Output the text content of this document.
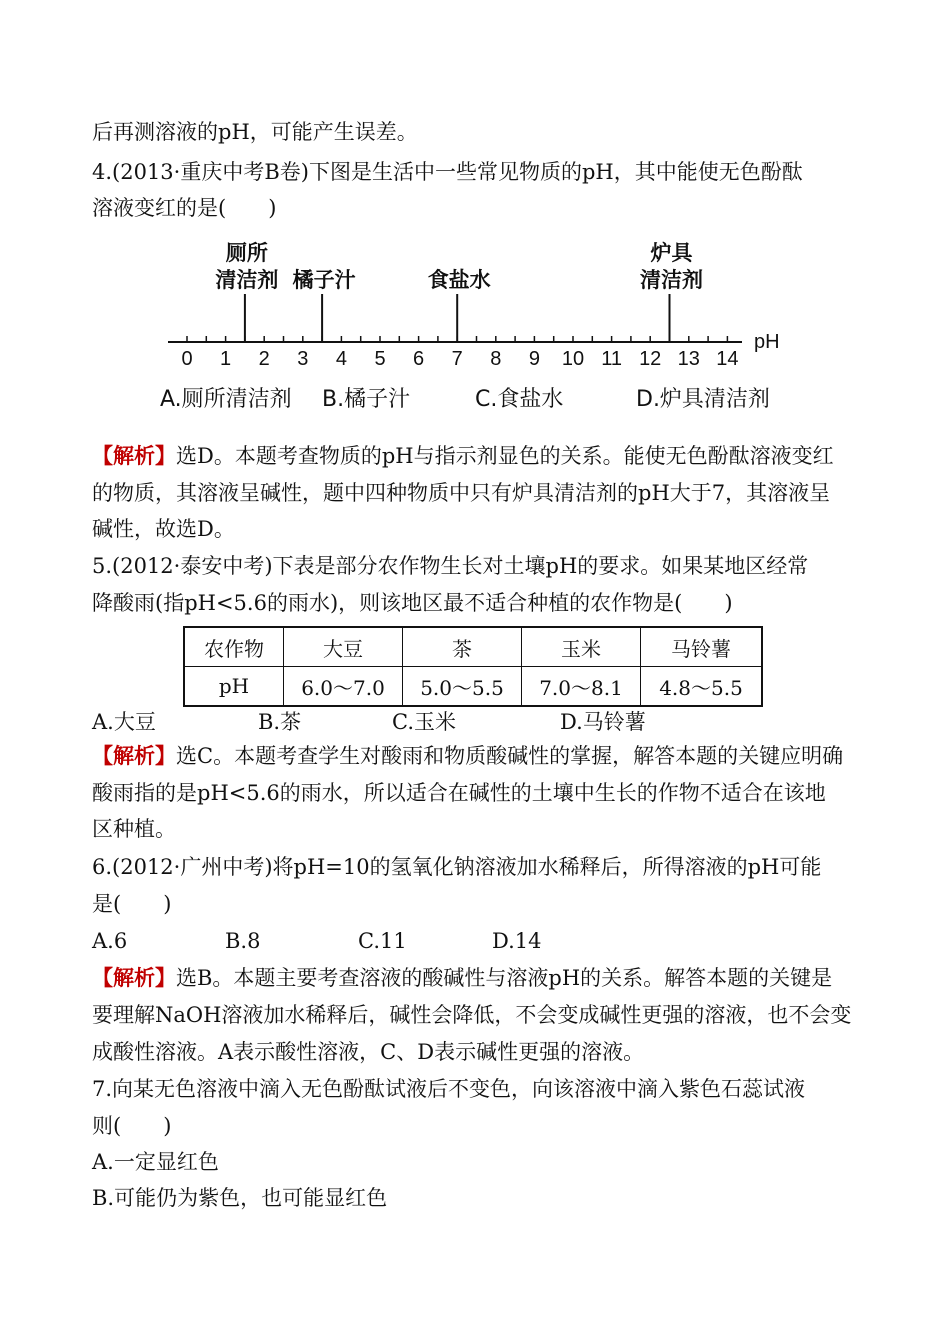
后再测溶液的pH，可能产生误差。
4.(2013·重庆中考B卷)下图是生活中一些常见物质的pH，其中能使无色酚酞
溶液变红的是(　　)
0 1 2 3 4 5 6 7 8 9 10 11 12 13 14
厕所
清洁剂 橘子汁	食盐水
炉具
清洁剂
pH
A.厕所清洁剂 B.橘子汁	C.食盐水	D.炉具清洁剂
【解析】选D。本题考查物质的pH与指示剂显色的关系。能使无色酚酞溶液变红
的物质，其溶液呈碱性，题中四种物质中只有炉具清洁剂的pH大于7，其溶液呈
碱性，故选D。
5.(2012·泰安中考)下表是部分农作物生长对土壤pH的要求。如果某地区经常
降酸雨(指pH<5.6的雨水)，则该地区最不适合种植的农作物是(　　)
农作物	大豆	茶	玉米	马铃薯
pH	6.0～7.0	5.0～5.5	7.0～8.1	4.8～5.5
A.大豆	B.茶	C.玉米	D.马铃薯
【解析】选C。本题考查学生对酸雨和物质酸碱性的掌握，解答本题的关键应明确
酸雨指的是pH<5.6的雨水，所以适合在碱性的土壤中生长的作物不适合在该地
区种植。
6.(2012·广州中考)将pH=10的氢氧化钠溶液加水稀释后，所得溶液的pH可能
是(　　)
A.6	B.8	C.11	D.14
【解析】选B。本题主要考查溶液的酸碱性与溶液pH的关系。解答本题的关键是
要理解NaOH溶液加水稀释后，碱性会降低，不会变成碱性更强的溶液，也不会变
成酸性溶液。A表示酸性溶液，C、D表示碱性更强的溶液。
7.向某无色溶液中滴入无色酚酞试液后不变色，向该溶液中滴入紫色石蕊试液
则(　　)
A.一定显红色
B.可能仍为紫色，也可能显红色
